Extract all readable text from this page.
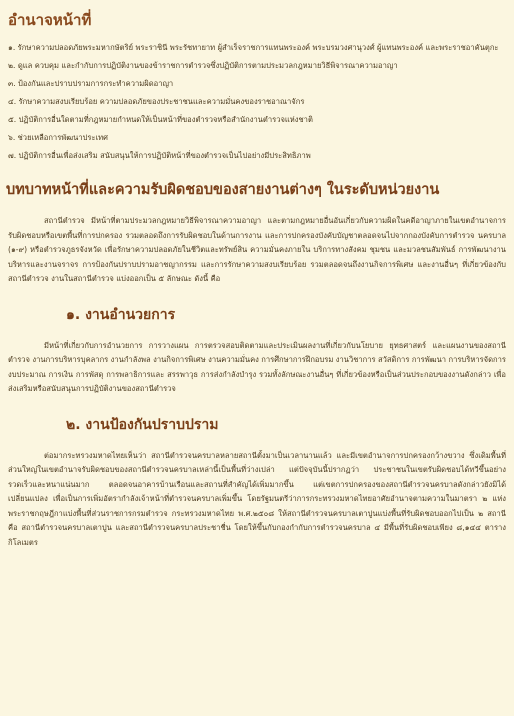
อำนาจหน้าที่
๑. รักษาความปลอดภัยพระมหากษัตริย์ พระราชินี พระรัชทายาท ผู้สำเร็จราชการแทนพระองค์ พระบรมวงศานุวงศ์ ผู้แทนพระองค์ และพระราชอาคันตุกะ
๒. ดูแล ควบคุม และกำกับการปฏิบัติงานของข้าราชการตำรวจซึ่งปฏิบัติการตามประมวลกฎหมายวิธีพิจารณาความอาญา
๓. ป้องกันและปราบปรามการกระทำความผิดอาญา
๔. รักษาความสงบเรียบร้อย ความปลอดภัยของประชาชนและความมั่นคงของราชอาณาจักร
๕. ปฏิบัติการอื่นใดตามที่กฎหมายกำหนดให้เป็นหน้าที่ของตำรวจหรือสำนักงานตำรวจแห่งชาติ
๖. ช่วยเหลือการพัฒนาประเทศ
๗. ปฏิบัติการอื่นเพื่อส่งเสริม สนับสนุนให้การปฏิบัติหน้าที่ของตำรวจเป็นไปอย่างมีประสิทธิภาพ
บทบาทหน้าที่และความรับผิดชอบของสายงานต่างๆ ในระดับหน่วยงาน

สถานีตำรวจ มีหน้าที่ตามประมวลกฎหมายวิธีพิจารณาความอาญา และตามกฎหมายอื่นอันเกี่ยวกับความผิดในคดีอาญาภายในเขตอำนาจการรับผิดชอบหรือเขตพื้นที่การปกครอง รวมตลอดถึงการรับผิดชอบในด้านการงาน และการปกครองบังคับบัญชาตลอดจนไปจากกองบังคับการตำรวจ นครบาล (๑-๙) หรือตำรวจภูธรจังหวัด เพื่อรักษาความปลอดภัยในชีวิตและทรัพย์สิน ความมั่นคงภายใน บริการทางสังคม ชุมชน และมวลชนสัมพันธ์ การพัฒนางานบริหารและงานจราจร การป้องกันปราบปรามอาชญากรรม และการรักษาความสงบเรียบร้อย รวมตลอดจนถึงงานกิจการพิเศษ และงานอื่นๆ ที่เกี่ยวข้องกับสถานีตำรวจ งานในสถานีตำรวจ แบ่งออกเป็น ๕ ลักษณะ ดังนี้ คือ

๑. งานอำนวยการ

มีหน้าที่เกี่ยวกับการอำนวยการ การวางแผน การตรวจสอบติดตามและประเมินผลงานที่เกี่ยวกับนโยบาย ยุทธศาสตร์ และแผนงานของสถานีตำรวจ งานการบริหารบุคลากร งานกำลังพล งานกิจการพิเศษ งานความมั่นคง การศึกษาการฝึกอบรม งานวิชาการ สวัสดิการ การพัฒนา การบริหารจัดการ งบประมาณ การเงิน การพัสดุ การพลาธิการและ สรรพาวุธ การส่งกำลังบำรุง รวมทั้งลักษณะงานอื่นๆ ที่เกี่ยวข้องหรือเป็นส่วนประกอบของงานดังกล่าว เพื่อส่งเสริมหรือสนับสนุนการปฏิบัติงานของสถานีตำรวจ

๒. งานป้องกันปราบปราม

ต่อมากระทรวงมหาดไทยเห็นว่า สถานีตำรวจนครบาลหลายสถานีตั้งมาเป็นเวลานานแล้ว และมีเขตอำนาจการปกครองกว้างขวาง ซึ่งเดิมพื้นที่ส่วนใหญ่ในเขตอำนาจรับผิดชอบของสถานีตำรวจนครบาลเหล่านี้เป็นพื้นที่ว่างเปล่า แต่ปัจจุบันนี้ปรากฏว่า ประชาชนในเขตรับผิดชอบได้ทวีขึ้นอย่างรวดเร็วและหนาแน่นมาก ตลอดจนอาคารบ้านเรือนและสถานที่สำคัญได้เพิ่มมากขึ้น แต่เขตการปกครองของสถานีตำรวจนครบาลดังกล่าวยังมิได้เปลี่ยนแปลง เพื่อเป็นการเพิ่มอัตรากำลังเจ้าหน้าที่ตำรวจนครบาลเพิ่มขึ้น โดยรัฐมนตรีว่าการกระทรวงมหาดไทยอาศัยอำนาจตามความในมาตรา ๒ แห่งพระราชกฤษฎีกาแบ่งพื้นที่ส่วนราชการกรมตำรวจ กระทรวงมหาดไทย พ.ศ.๒๕๐๘ ให้สถานีตำรวจนครบาลเตาปูนแบ่งพื้นที่รับผิดชอบออกไปเป็น ๒ สถานี คือ สถานีตำรวจนครบาลเตาปูน และสถานีตำรวจนครบาลประชาชื่น โดยให้ขึ้นกับกองกำกับการตำรวจนครบาล ๔ มีพื้นที่รับผิดชอบเพียง ๘,๑๔๔ ตารางกิโลเมตร
